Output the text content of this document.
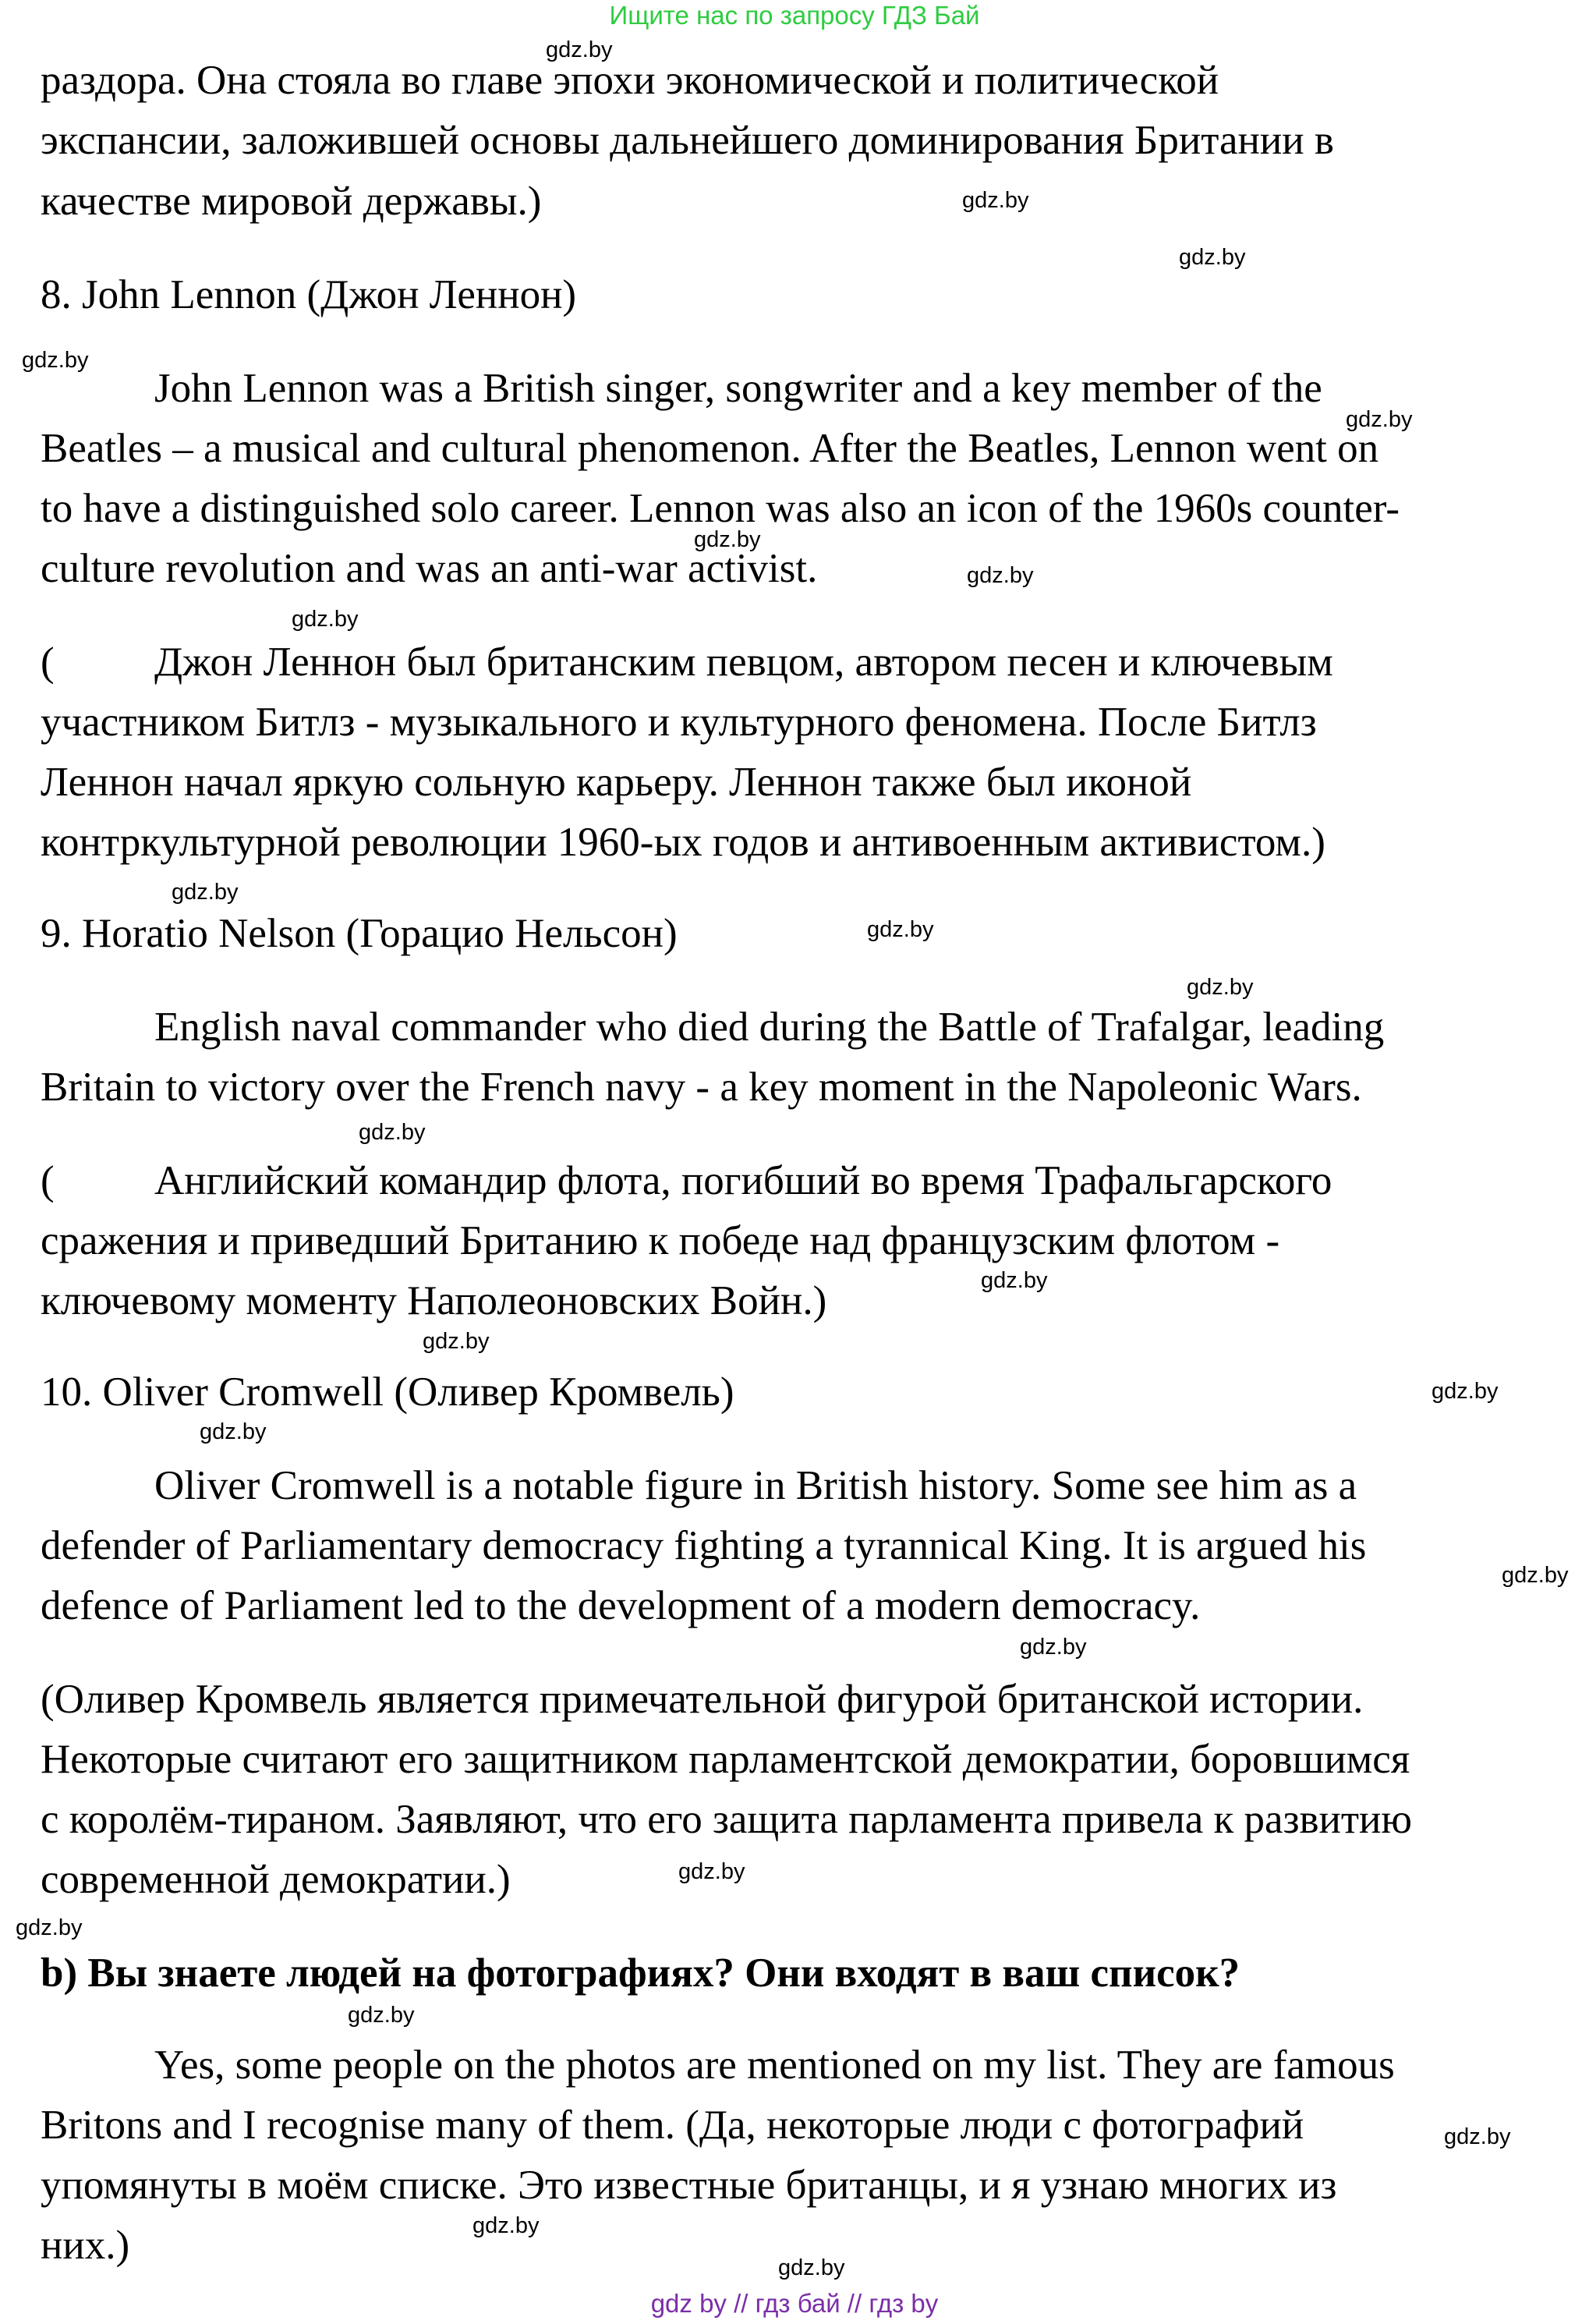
Ищите нас по запросу ГДЗ Бай
раздора. Она стояла во главе эпохи экономической и политической
экспансии, заложившей основы дальнейшего доминирования Британии в
качестве мировой державы.)
8. John Lennon (Джон Леннон)
John Lennon was a British singer, songwriter and a key member of the
Beatles – a musical and cultural phenomenon. After the Beatles, Lennon went on
to have a distinguished solo career. Lennon was also an icon of the 1960s counter-
culture revolution and was an anti-war activist.
( Джон Леннон был британским певцом, автором песен и ключевым
участником Битлз - музыкального и культурного феномена. После Битлз
Леннон начал яркую сольную карьеру. Леннон также был иконой
контркультурной революции 1960-ых годов и антивоенным активистом.)
9. Horatio Nelson (Горацио Нельсон)
English naval commander who died during the Battle of Trafalgar, leading
Britain to victory over the French navy - a key moment in the Napoleonic Wars.
( Английский командир флота, погибший во время Трафальгарского
сражения и приведший Британию к победе над французским флотом -
ключевому моменту Наполеоновских Войн.)
10. Oliver Cromwell (Оливер Кромвель)
Oliver Cromwell is a notable figure in British history. Some see him as a
defender of Parliamentary democracy fighting a tyrannical King. It is argued his
defence of Parliament led to the development of a modern democracy.
(Оливер Кромвель является примечательной фигурой британской истории.
Некоторые считают его защитником парламентской демократии, боровшимся
с королём-тираном. Заявляют, что его защита парламента привела к развитию
современной демократии.)
b) Вы знаете людей на фотографиях? Они входят в ваш список?
Yes, some people on the photos are mentioned on my list. They are famous
Britons and I recognise many of them. (Да, некоторые люди с фотографий
упомянуты в моём списке. Это известные британцы, и я узнаю многих из
них.)
gdz.by
gdz.by
gdz.by
gdz.by
gdz.by
gdz.by
gdz.by
gdz.by
gdz.by
gdz.by
gdz.by
gdz.by
gdz.by
gdz.by
gdz.by
gdz.by
gdz.by
gdz.by
gdz.by
gdz.by
gdz.by
gdz.by
gdz.by
gdz.by
gdz by // гдз бай // гдз by
